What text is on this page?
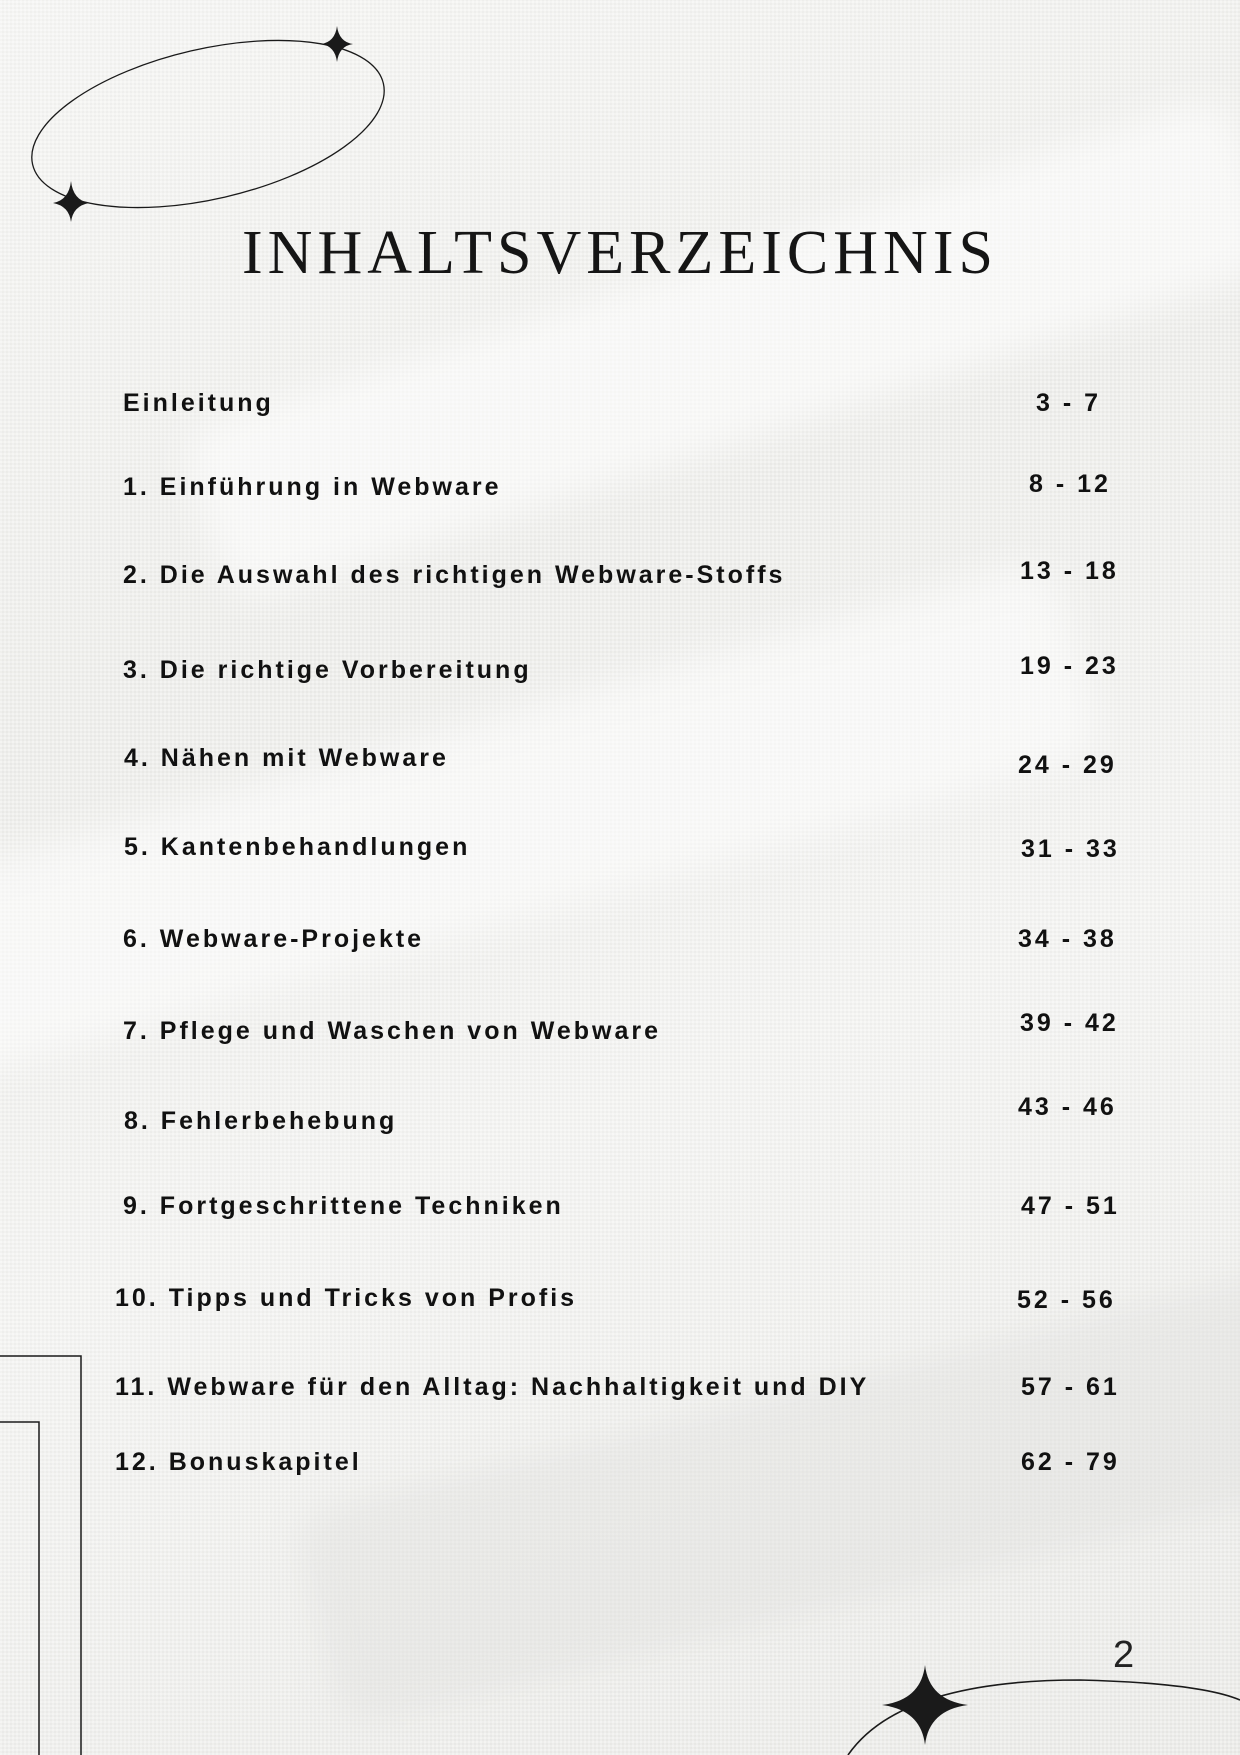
INHALTSVERZEICHNIS
Einleitung	3 - 7
1. Einführung in Webware	8 - 12
2. Die Auswahl des richtigen Webware-Stoffs	13 - 18
3. Die richtige Vorbereitung	19 - 23
4. Nähen mit Webware	24 - 29
5. Kantenbehandlungen	31 - 33
6. Webware-Projekte	34 - 38
7. Pflege und Waschen von Webware	39 - 42
8. Fehlerbehebung	43 - 46
9. Fortgeschrittene Techniken	47 - 51
10. Tipps und Tricks von Profis	52 - 56
11. Webware für den Alltag: Nachhaltigkeit und DIY	57 - 61
12. Bonuskapitel	62 - 79
2
